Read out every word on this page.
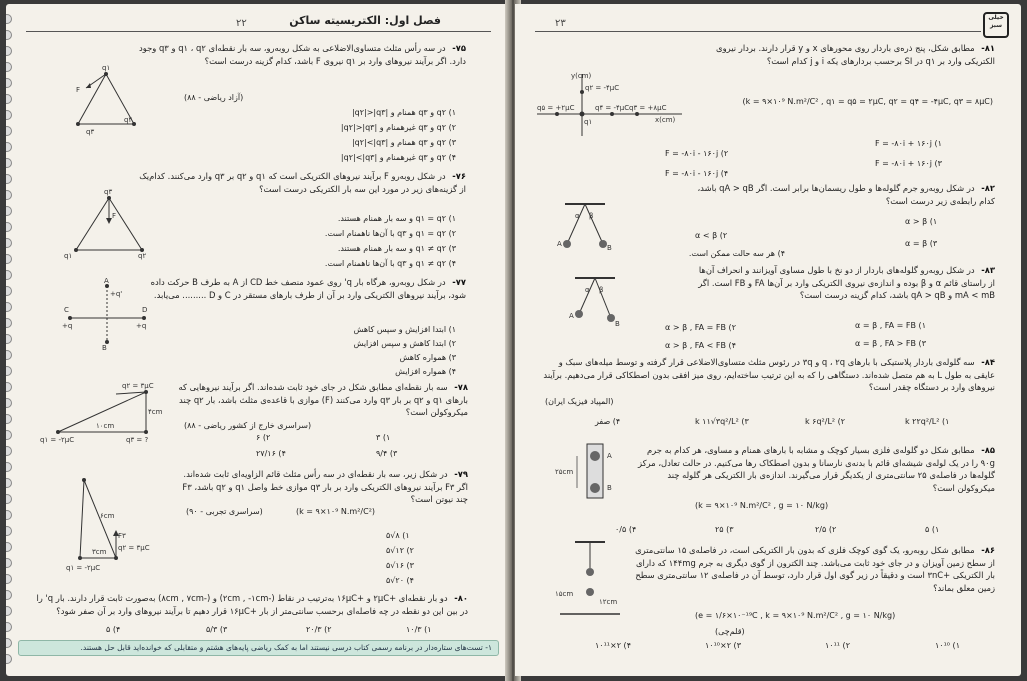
فصل اول: الکتریسیته ساکن
۲۲
۷۵- در سه رأس مثلث متساوی‌الاضلاعی به شکل روبه‌رو، سه بار نقطه‌ای q۱ ، q۲ و q۳ وجود دارد. اگر برآیند نیروهای وارد بر q۱ نیروی F باشد، کدام گزینه درست است؟
(آزاد ریاضی - ۸۸)
۱) q۲ و q۳ همنام و |q۲|>|q۳|
۲) q۲ و q۳ غیرهمنام و |q۲|>|q۳|
۳) q۲ و q۳ همنام و |q۲|<|q۳|
۴) q۲ و q۳ غیرهمنام و |q۲|<|q۳|
q۱
F
q۳
q۲
۷۶- در شکل روبه‌رو F برآیند نیروهای الکتریکی است که q۱ و q۲ بر q۳ وارد می‌کنند. کدام‌یک از گزینه‌های زیر در مورد این سه بار الکتریکی درست است؟
۱) q۱ = q۲ و سه بار همنام هستند.
۲) q۱ = q۲ و q۳ با آن‌ها ناهمنام است.
۳) q۱ ≠ q۲ و سه بار همنام هستند.
۴) q۱ ≠ q۲ و q۳ با آن‌ها ناهمنام است.
q۳
F
q۱	q۲
۷۷- در شکل روبه‌رو، هرگاه بار q' روی عمود منصف خط CD از A به طرف B حرکت داده شود، برآیند نیروهای الکتریکی وارد بر آن از طرف بارهای مستقر در C و D ......... می‌یابد.
۱) ابتدا افزایش و سپس کاهش
۲) ابتدا کاهش و سپس افزایش
۳) همواره کاهش
۴) همواره افزایش
A
+q'
B
C	D
+q	+q
۷۸- سه بار نقطه‌ای مطابق شکل در جای خود ثابت شده‌اند. اگر برآیند نیروهایی که بارهای q۱ و q۲ بر بار q۳ وارد می‌کنند (F) موازی با قاعده‌ی مثلث باشد، بار q۲ چند میکروکولن است؟
(سراسری خارج از کشور ریاضی - ۸۸)
۱) ۳
۲) ۶
۳) ۹/۴
۴) ۲۷/۱۶
q۱ = -۲μC	q۳ = ?
q۲ = ۳μC
۴cm
۱۰cm
۷۹- در شکل زیر، سه بار نقطه‌ای در سه رأس مثلث قائم الزاویه‌ای ثابت شده‌اند. اگر F۳ برآیند نیروهای الکتریکی وارد بر بار q۳ موازی خط واصل q۱ و q۲ باشد، F۳ چند نیوتن است؟
(سراسری تجربی - ۹۰)	(k = ۹×۱۰⁹ N.m²/C²)
۱) ۸√۵
۲) ۱۲√۵
۳) ۱۶√۵
۴) ۲۰√۵
F۳
q۲ = ۳μC
q۱ = -۲μC
۶cm
۳cm
۸۰- دو بار نقطه‌ای +۲μC و +۱۶μC به‌ترتیب در نقاط (-۲cm , -۱cm) و (-۸cm , ۷cm) به‌صورت ثابت قرار دارند. بار q' را در بین این دو نقطه در چه فاصله‌ای برحسب سانتی‌متر از بار +۱۶μC قرار دهیم تا برآیند نیروهای وارد بر آن صفر شود؟
۱) ۱۰/۳
۲) ۲۰/۳
۳) ۵/۳
۴) ۵
۱- تست‌های ستاره‌دار در برنامه رسمی کتاب درسی نیستند اما به کمک ریاضی پایه‌های هشتم و متقابلی که خوانده‌اید قابل حل هستند.
۲۳
خیلی سبز
۸۱- مطابق شکل، پنج ذره‌ی باردار روی محورهای x و y قرار دارند. بردار نیروی الکتریکی وارد بر q۱ در SI برحسب بردارهای یکه i و j کدام است؟
(k = ۹×۱۰⁹ N.m²/C² , q۱ = q۵ = ۲μC, q۲ = q۴ = -۴μC, q۳ = ۸μC)
۱) F = -۸۰i + ۱۶۰j
۲) F = -۸۰i - ۱۶۰j
۳) F = -۸۰i + ۱۶۰j
۴) F = -۸۰i - ۱۶۰j
y(cm)
x(cm)
q۱
q۲ = -۴μC
q۵ = +۲μC	q۴ = -۴μC q۳ = +۸μC
۸۲- در شکل روبه‌رو جرم گلوله‌ها و طول ریسمان‌ها برابر است. اگر qA > qB باشد، کدام رابطه‌ی زیر درست است؟
۱) α > β
۲) α < β
۳) α = β
۴) هر سه حالت ممکن است.
A	B
α β
۸۳- در شکل روبه‌رو گلوله‌های باردار از دو نخ با طول مساوی آویزانند و انحراف آن‌ها از راستای قائم α و β بوده و اندازه‌ی نیروی الکتریکی وارد بر آن‌ها FA و FB است. اگر mA < mB و qA > qB باشد، کدام گزینه درست است؟
۱) α = β , FA = FB
۲) α > β , FA = FB
۳) α = β , FA > FB
۴) α > β , FA < FB
A
B
α β
۸۴- سه گلوله‌ی باردار پلاستیکی با بارهای q ، ۲q و ۳q در رئوس مثلث متساوی‌الاضلاعی قرار گرفته و توسط میله‌های سبک و عایقی به طول L به هم متصل شده‌اند. دستگاهی را که به این ترتیب ساخته‌ایم، روی میز افقی بدون اصطکاکی قرار می‌دهیم. برآیند نیروهای وارد بر دستگاه چقدر است؟
(المپیاد فیزیک ایران)
۱) k ۲۲q²/L²
۲) k ۶q²/L²
۳) k ۱۱√۳q²/L²
۴) صفر
۸۵- مطابق شکل دو گلوله‌ی فلزی بسیار کوچک و مشابه با بارهای همنام و مساوی، هر کدام به جرم ۹۰g را در یک لوله‌ی شیشه‌ای قائم با بدنه‌ی نارسانا و بدون اصطکاک رها می‌کنیم. در حالت تعادل، مرکز گلوله‌ها در فاصله‌ی ۲۵ سانتی‌متری از یکدیگر قرار می‌گیرند. اندازه‌ی بار الکتریکی هر گلوله چند میکروکولن است؟
(k = ۹×۱۰⁹ N.m²/C² , g = ۱۰ N/kg)
۱) ۵
۲) ۲/۵
۳) ۲۵
۴) ۰/۵
A
B
۲۵cm
۸۶- مطابق شکل روبه‌رو، یک گوی کوچک فلزی که بدون بار الکتریکی است، در فاصله‌ی ۱۵ سانتی‌متری از سطح زمین آویزان و در جای خود ثابت می‌باشد. چند الکترون از گوی دیگری به جرم ۱۴۴mg که دارای بار الکتریکی +۳nC است و دقیقاً در زیر گوی اول قرار دارد، توسط آن در فاصله‌ی ۱۲ سانتی‌متری سطح زمین معلق بماند؟
(e = ۱/۶×۱۰⁻¹⁹C , k = ۹×۱۰⁹ N.m²/C² , g = ۱۰ N/kg)
(قلم‌چی)
۱) ۱۰¹⁰
۲) ۱۰¹¹
۳) ۲×۱۰¹⁰
۴) ۲×۱۰¹¹
۱۵cm
۱۲cm
